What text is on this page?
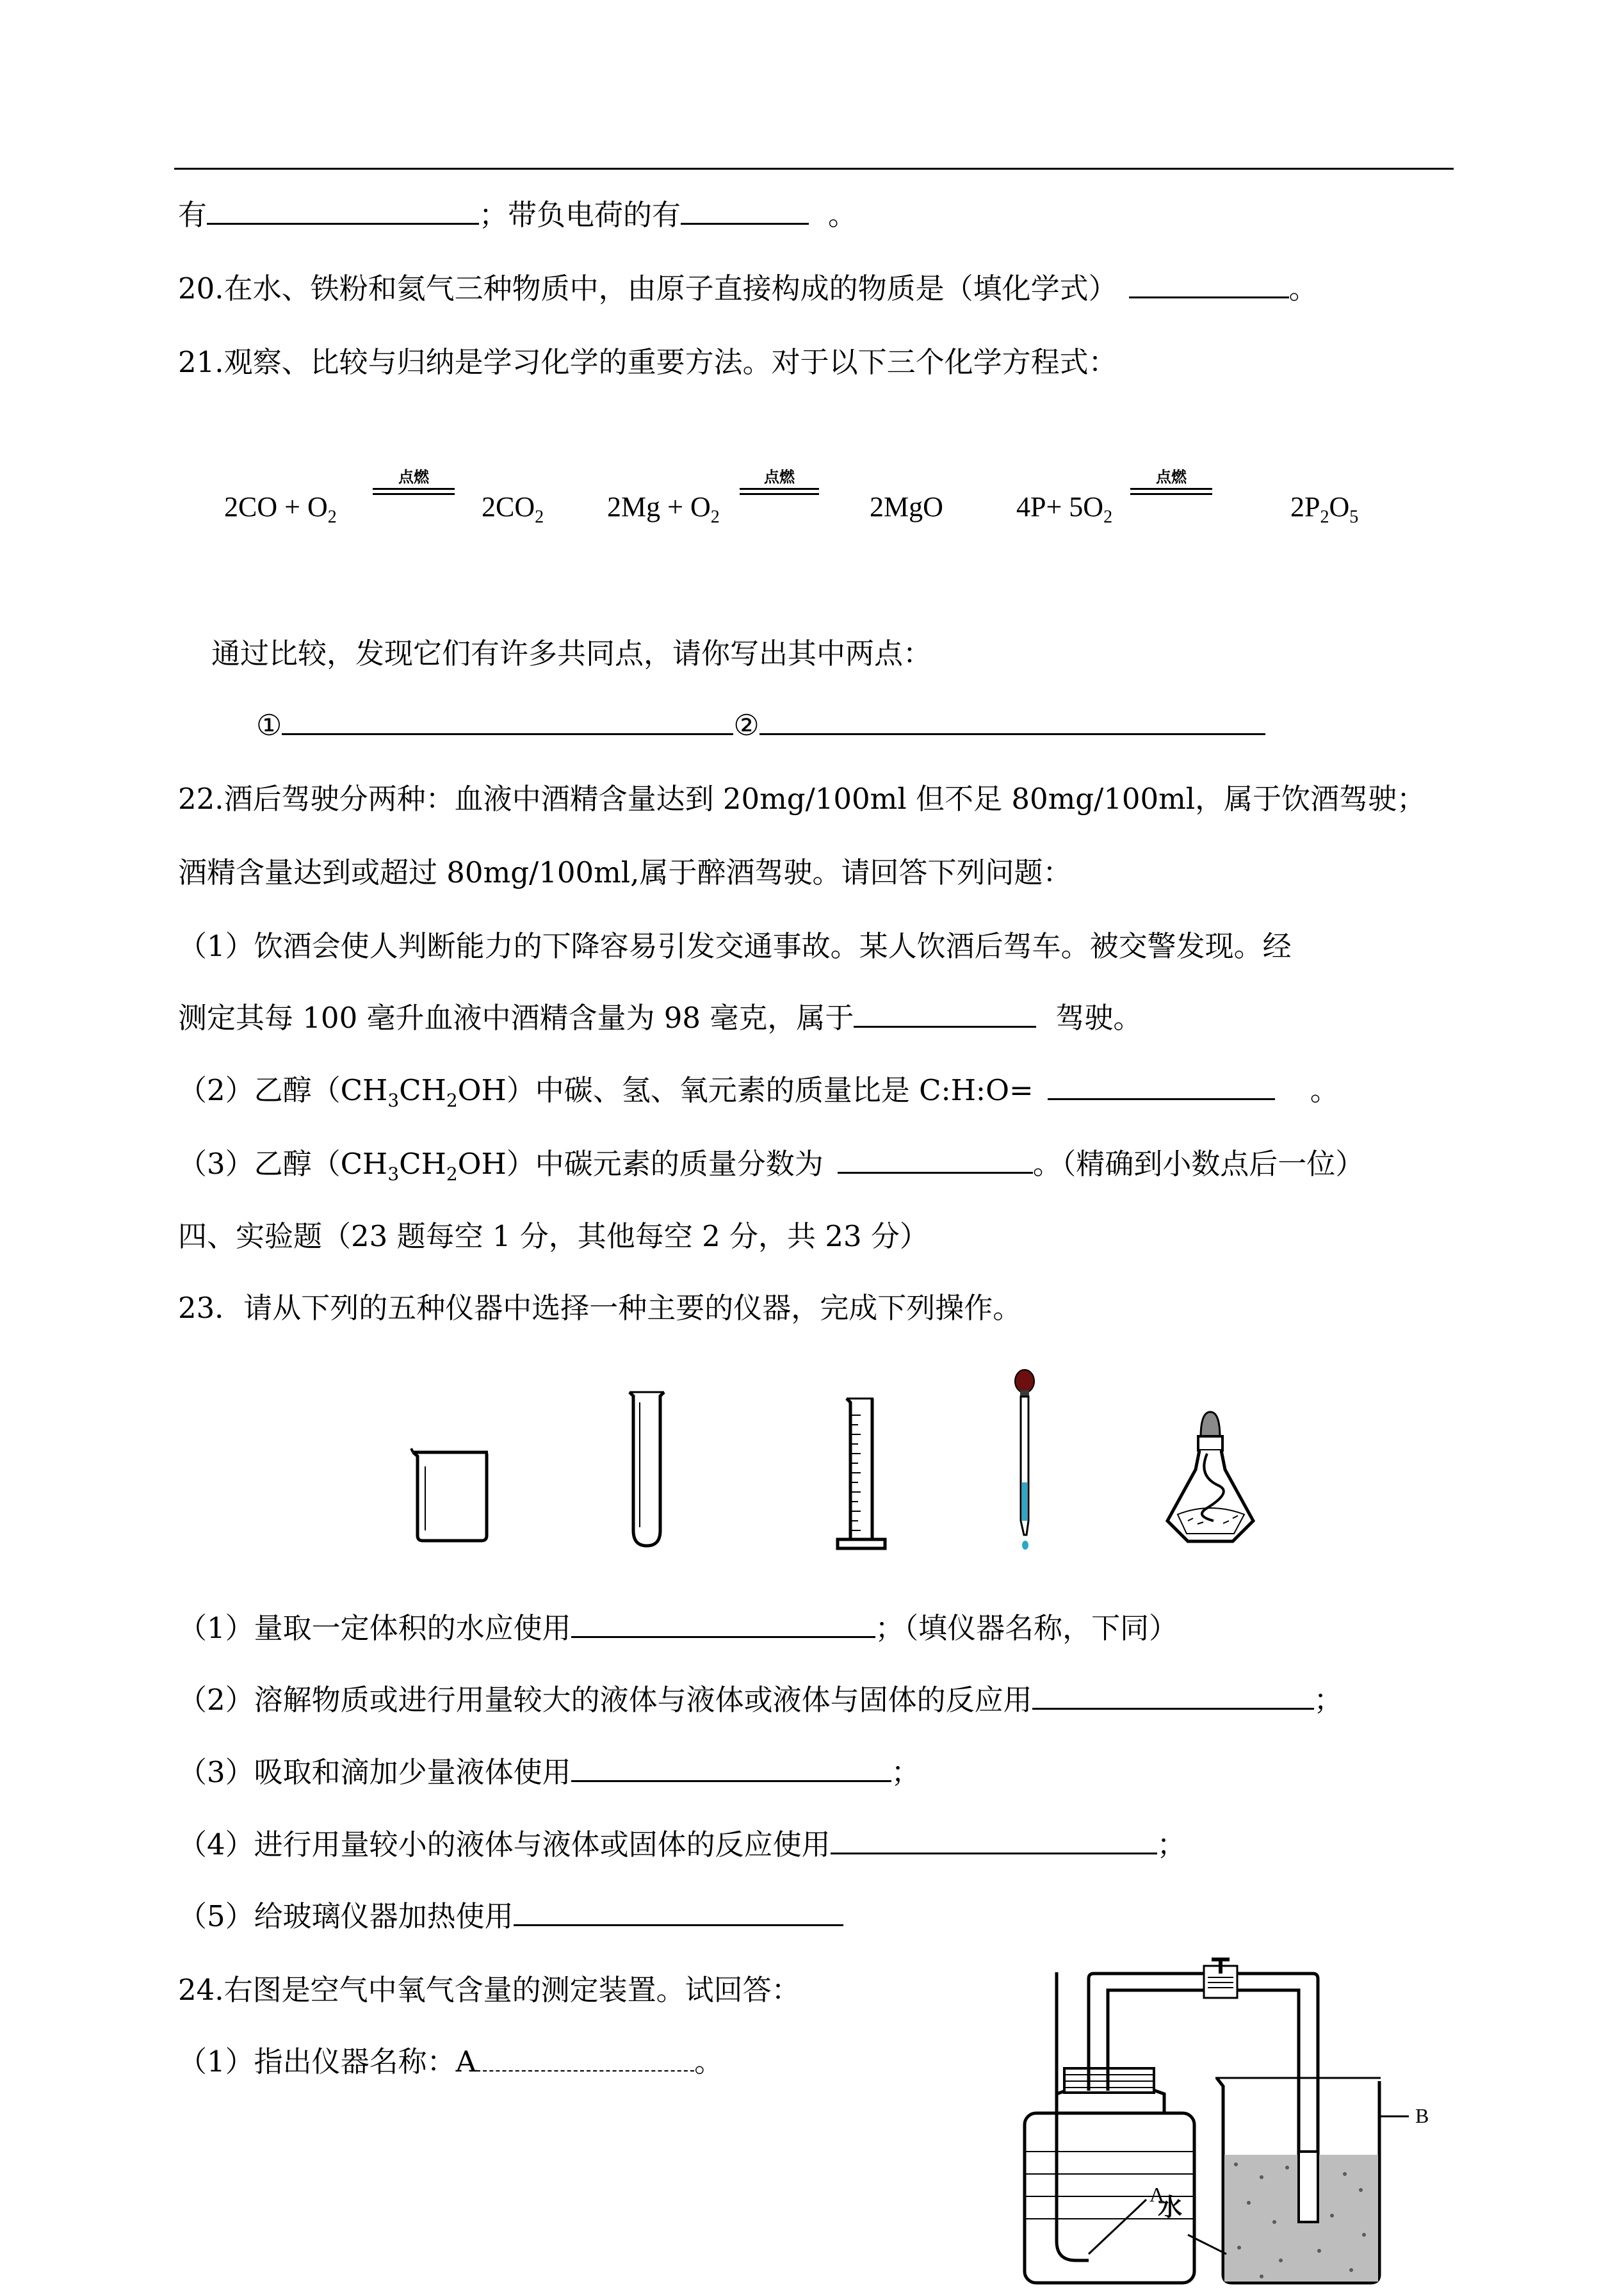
有	；带负电荷的有	。
20.在水、铁粉和氦气三种物质中，由原子直接构成的物质是（填化学式）	。
21.观察、比较与归纳是学习化学的重要方法。对于以下三个化学方程式：
$2CO + O_2$
点燃
$2CO_2$ $2Mg + O_2$
点燃
2MgO	$4P+ 5O_2$
点燃
$2P_2O_5$
通过比较，发现它们有许多共同点，请你写出其中两点：
①	②
22.酒后驾驶分两种：血液中酒精含量达到 20mg/100ml 但不足 80mg/100ml，属于饮酒驾驶；
酒精含量达到或超过 80mg/100ml,属于醉酒驾驶。请回答下列问题：
（1）饮酒会使人判断能力的下降容易引发交通事故。某人饮酒后驾车。被交警发现。经
测定其每 100 毫升血液中酒精含量为 98 毫克，属于	驾驶。
（2）乙醇$(CH_3CH_2OH)$中碳、氢、氧元素的质量比是 C:H:O=	。
（3）乙醇$(CH_3CH_2OH)$中碳元素的质量分数为	。（精确到小数点后一位）
四、实验题（23 题每空 1 分，其他每空 2 分，共 23 分）
23．请从下列的五种仪器中选择一种主要的仪器，完成下列操作。
（1）量取一定体积的水应使用	；（填仪器名称，下同）
（2）溶解物质或进行用量较大的液体与液体或液体与固体的反应用	；
（3）吸取和滴加少量液体使用	；
（4）进行用量较小的液体与液体或固体的反应使用	；
（5）给玻璃仪器加热使用
24.右图是空气中氧气含量的测定装置。试回答：
（1）指出仪器名称：A	。
A
B
水
